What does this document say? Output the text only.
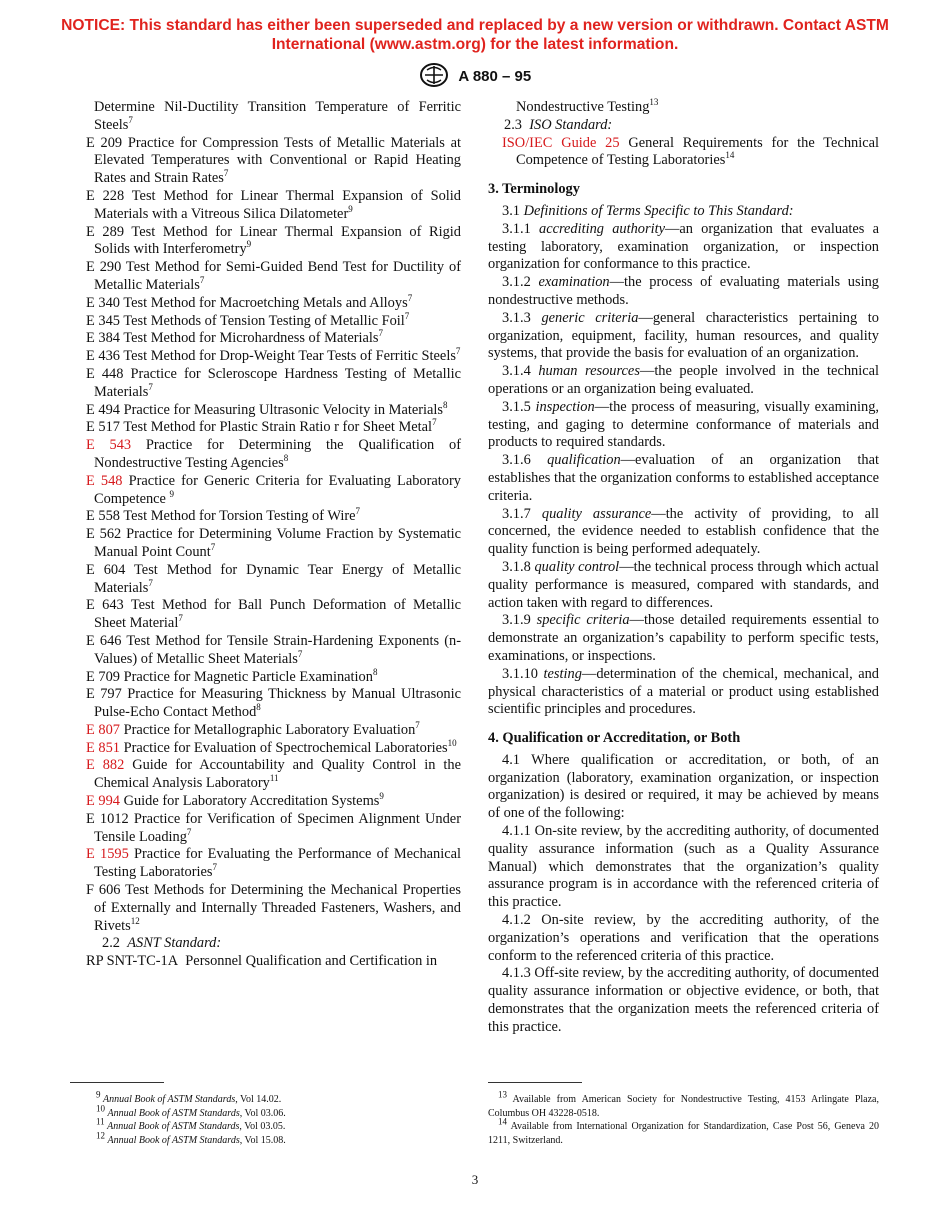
NOTICE: This standard has either been superseded and replaced by a new version or withdrawn. Contact ASTM International (www.astm.org) for the latest information.
A 880 – 95
Determine Nil-Ductility Transition Temperature of Ferritic Steels$^7$
E 209 Practice for Compression Tests of Metallic Materials at Elevated Temperatures with Conventional or Rapid Heating Rates and Strain Rates$^7$
E 228 Test Method for Linear Thermal Expansion of Solid Materials with a Vitreous Silica Dilatometer$^9$
E 289 Test Method for Linear Thermal Expansion of Rigid Solids with Interferometry$^9$
E 290 Test Method for Semi-Guided Bend Test for Ductility of Metallic Materials$^7$
E 340 Test Method for Macroetching Metals and Alloys$^7$
E 345 Test Methods of Tension Testing of Metallic Foil$^7$
E 384 Test Method for Microhardness of Materials$^7$
E 436 Test Method for Drop-Weight Tear Tests of Ferritic Steels$^7$
E 448 Practice for Scleroscope Hardness Testing of Metallic Materials$^7$
E 494 Practice for Measuring Ultrasonic Velocity in Materials$^8$
E 517 Test Method for Plastic Strain Ratio r for Sheet Metal$^7$
E 543 Practice for Determining the Qualification of Nondestructive Testing Agencies$^8$
E 548 Practice for Generic Criteria for Evaluating Laboratory Competence $^9$
E 558 Test Method for Torsion Testing of Wire$^7$
E 562 Practice for Determining Volume Fraction by Systematic Manual Point Count$^7$
E 604 Test Method for Dynamic Tear Energy of Metallic Materials$^7$
E 643 Test Method for Ball Punch Deformation of Metallic Sheet Material$^7$
E 646 Test Method for Tensile Strain-Hardening Exponents (n-Values) of Metallic Sheet Materials$^7$
E 709 Practice for Magnetic Particle Examination$^8$
E 797 Practice for Measuring Thickness by Manual Ultrasonic Pulse-Echo Contact Method$^8$
E 807 Practice for Metallographic Laboratory Evaluation$^7$
E 851 Practice for Evaluation of Spectrochemical Laboratories$^{10}$
E 882 Guide for Accountability and Quality Control in the Chemical Analysis Laboratory$^{11}$
E 994 Guide for Laboratory Accreditation Systems$^9$
E 1012 Practice for Verification of Specimen Alignment Under Tensile Loading$^7$
E 1595 Practice for Evaluating the Performance of Mechanical Testing Laboratories$^7$
F 606 Test Methods for Determining the Mechanical Properties of Externally and Internally Threaded Fasteners, Washers, and Rivets$^{12}$
2.2 ASNT Standard:
RP SNT-TC-1A Personnel Qualification and Certification in
Nondestructive Testing$^{13}$
2.3 ISO Standard:
ISO/IEC Guide 25 General Requirements for the Technical Competence of Testing Laboratories$^{14}$
3. Terminology
3.1 Definitions of Terms Specific to This Standard:
3.1.1 accrediting authority—an organization that evaluates a testing laboratory, examination organization, or inspection organization for conformance to this practice.
3.1.2 examination—the process of evaluating materials using nondestructive methods.
3.1.3 generic criteria—general characteristics pertaining to organization, equipment, facility, human resources, and quality systems, that provide the basis for evaluation of an organization.
3.1.4 human resources—the people involved in the technical operations or an organization being evaluated.
3.1.5 inspection—the process of measuring, visually examining, testing, and gaging to determine conformance of materials and products to required standards.
3.1.6 qualification—evaluation of an organization that establishes that the organization conforms to established acceptance criteria.
3.1.7 quality assurance—the activity of providing, to all concerned, the evidence needed to establish confidence that the quality function is being performed adequately.
3.1.8 quality control—the technical process through which actual quality performance is measured, compared with standards, and action taken with regard to differences.
3.1.9 specific criteria—those detailed requirements essential to demonstrate an organization’s capability to perform specific tests, examinations, or inspections.
3.1.10 testing—determination of the chemical, mechanical, and physical characteristics of a material or product using established scientific principles and procedures.
4. Qualification or Accreditation, or Both
4.1 Where qualification or accreditation, or both, of an organization (laboratory, examination organization, or inspection organization) is desired or required, it may be achieved by means of one of the following:
4.1.1 On-site review, by the accrediting authority, of documented quality assurance information (such as a Quality Assurance Manual) which demonstrates that the organization’s quality assurance program is in accordance with the referenced criteria of this practice.
4.1.2 On-site review, by the accrediting authority, of the organization’s operations and verification that the operations conform to the referenced criteria of this practice.
4.1.3 Off-site review, by the accrediting authority, of documented quality assurance information or objective evidence, or both, that demonstrates that the organization meets the referenced criteria of this practice.
$^9$ Annual Book of ASTM Standards, Vol 14.02.
$^{10}$ Annual Book of ASTM Standards, Vol 03.06.
$^{11}$ Annual Book of ASTM Standards, Vol 03.05.
$^{12}$ Annual Book of ASTM Standards, Vol 15.08.
$^{13}$ Available from American Society for Nondestructive Testing, 4153 Arlingate Plaza, Columbus OH 43228-0518.
$^{14}$ Available from International Organization for Standardization, Case Post 56, Geneva 20 1211, Switzerland.
3
